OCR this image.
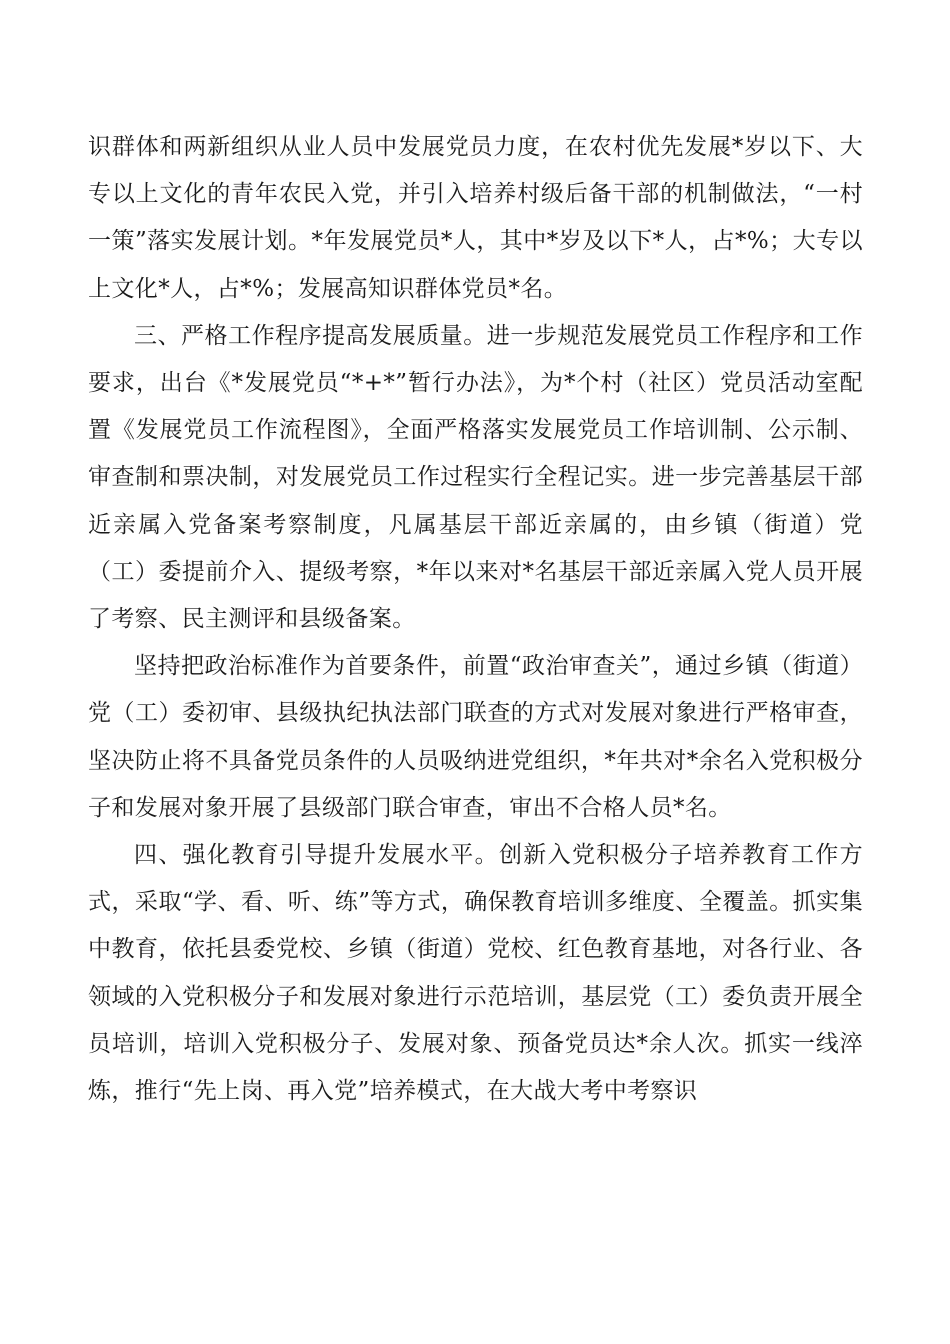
识群体和两新组织从业人员中发展党员力度，在农村优先发展*岁以下、大专以上文化的青年农民入党，并引入培养村级后备干部的机制做法，“一村一策”落实发展计划。*年发展党员*人，其中*岁及以下*人，占*%；大专以上文化*人，占*%；发展高知识群体党员*名。

三、严格工作程序提高发展质量。进一步规范发展党员工作程序和工作要求，出台《*发展党员“*+*”暂行办法》，为*个村（社区）党员活动室配置《发展党员工作流程图》，全面严格落实发展党员工作培训制、公示制、审查制和票决制，对发展党员工作过程实行全程记实。进一步完善基层干部近亲属入党备案考察制度，凡属基层干部近亲属的，由乡镇（街道）党（工）委提前介入、提级考察，*年以来对*名基层干部近亲属入党人员开展了考察、民主测评和县级备案。

坚持把政治标准作为首要条件，前置“政治审查关”，通过乡镇（街道）党（工）委初审、县级执纪执法部门联查的方式对发展对象进行严格审查，坚决防止将不具备党员条件的人员吸纳进党组织，*年共对*余名入党积极分子和发展对象开展了县级部门联合审查，审出不合格人员*名。

四、强化教育引导提升发展水平。创新入党积极分子培养教育工作方式，采取“学、看、听、练”等方式，确保教育培训多维度、全覆盖。抓实集中教育，依托县委党校、乡镇（街道）党校、红色教育基地，对各行业、各领域的入党积极分子和发展对象进行示范培训，基层党（工）委负责开展全员培训，培训入党积极分子、发展对象、预备党员达*余人次。抓实一线淬炼，推行“先上岗、再入党”培养模式，在大战大考中考察识
